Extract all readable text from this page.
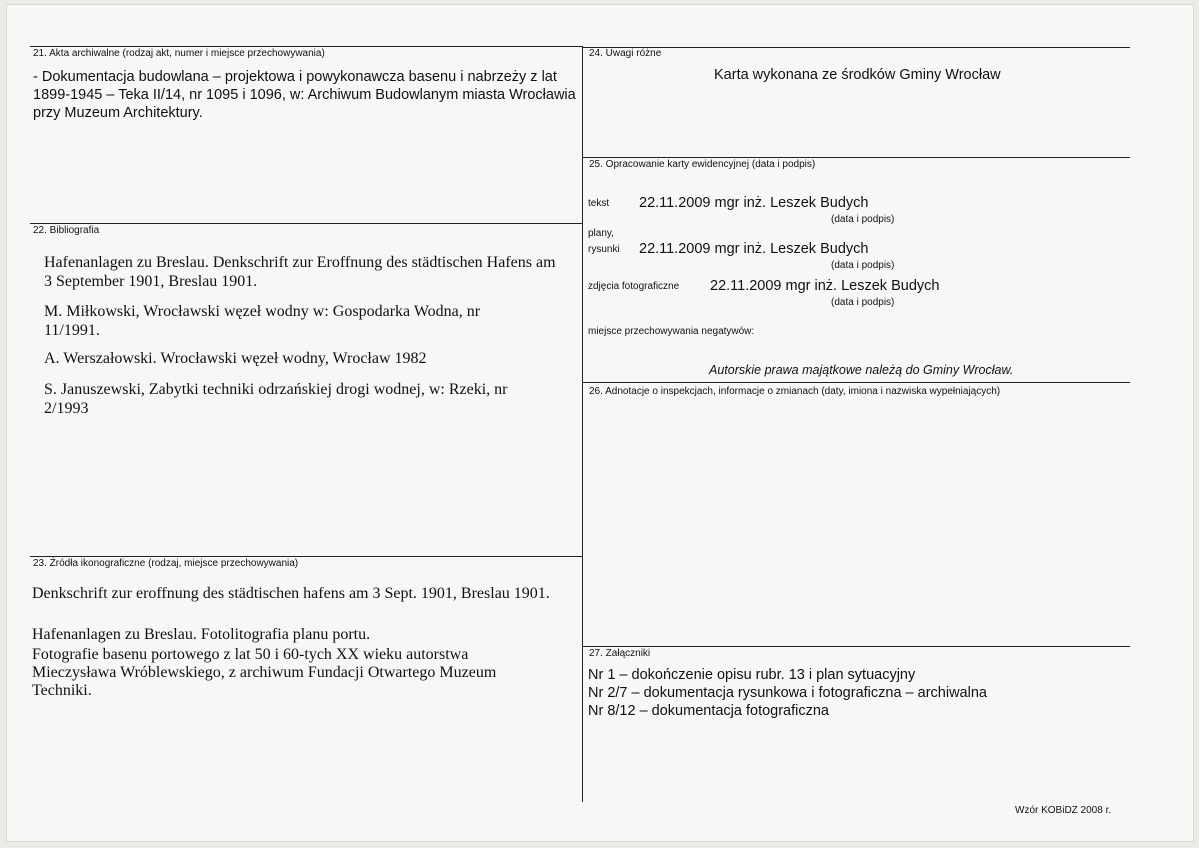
21. Akta archiwalne (rodzaj akt, numer i miejsce przechowywania)
- Dokumentacja budowlana – projektowa i powykonawcza basenu i nabrzeży z lat 1899-1945 – Teka II/14, nr 1095 i 1096, w: Archiwum Budowlanym miasta Wrocławia przy Muzeum Architektury.
22. Bibliografia
Hafenanlagen zu Breslau. Denkschrift zur Eroffnung des städtischen Hafens am 3 September 1901, Breslau 1901.
M. Miłkowski, Wrocławski węzeł wodny w: Gospodarka Wodna, nr 11/1991.
A. Werszałowski. Wrocławski węzeł wodny, Wrocław 1982
S. Januszewski, Zabytki techniki odrzańskiej drogi wodnej, w: Rzeki, nr 2/1993
23. Źródła ikonograficzne (rodzaj, miejsce przechowywania)
Denkschrift zur eroffnung des städtischen hafens am 3 Sept. 1901, Breslau 1901.
Hafenanlagen zu Breslau. Fotolitografia planu portu.
Fotografie basenu portowego z lat 50 i 60-tych XX wieku autorstwa Mieczysława Wróblewskiego, z archiwum Fundacji Otwartego Muzeum Techniki.
24. Uwagi różne
Karta wykonana ze środków Gminy Wrocław
25. Opracowanie karty ewidencyjnej (data i podpis)
tekst 22.11.2009 mgr inż. Leszek Budych
(data i podpis)
plany,
rysunki 22.11.2009 mgr inż. Leszek Budych
(data i podpis)
zdjęcia fotograficzne 22.11.2009 mgr inż. Leszek Budych
(data i podpis)
miejsce przechowywania negatywów:
Autorskie prawa majątkowe należą do Gminy Wrocław.
26. Adnotacje o inspekcjach, informacje o zmianach (daty, imiona i nazwiska wypełniających)
27. Załączniki
Nr 1 – dokończenie opisu rubr. 13 i plan sytuacyjny
Nr 2/7 – dokumentacja rysunkowa i fotograficzna – archiwalna
Nr 8/12 – dokumentacja fotograficzna
Wzór KOBiDZ 2008 r.
